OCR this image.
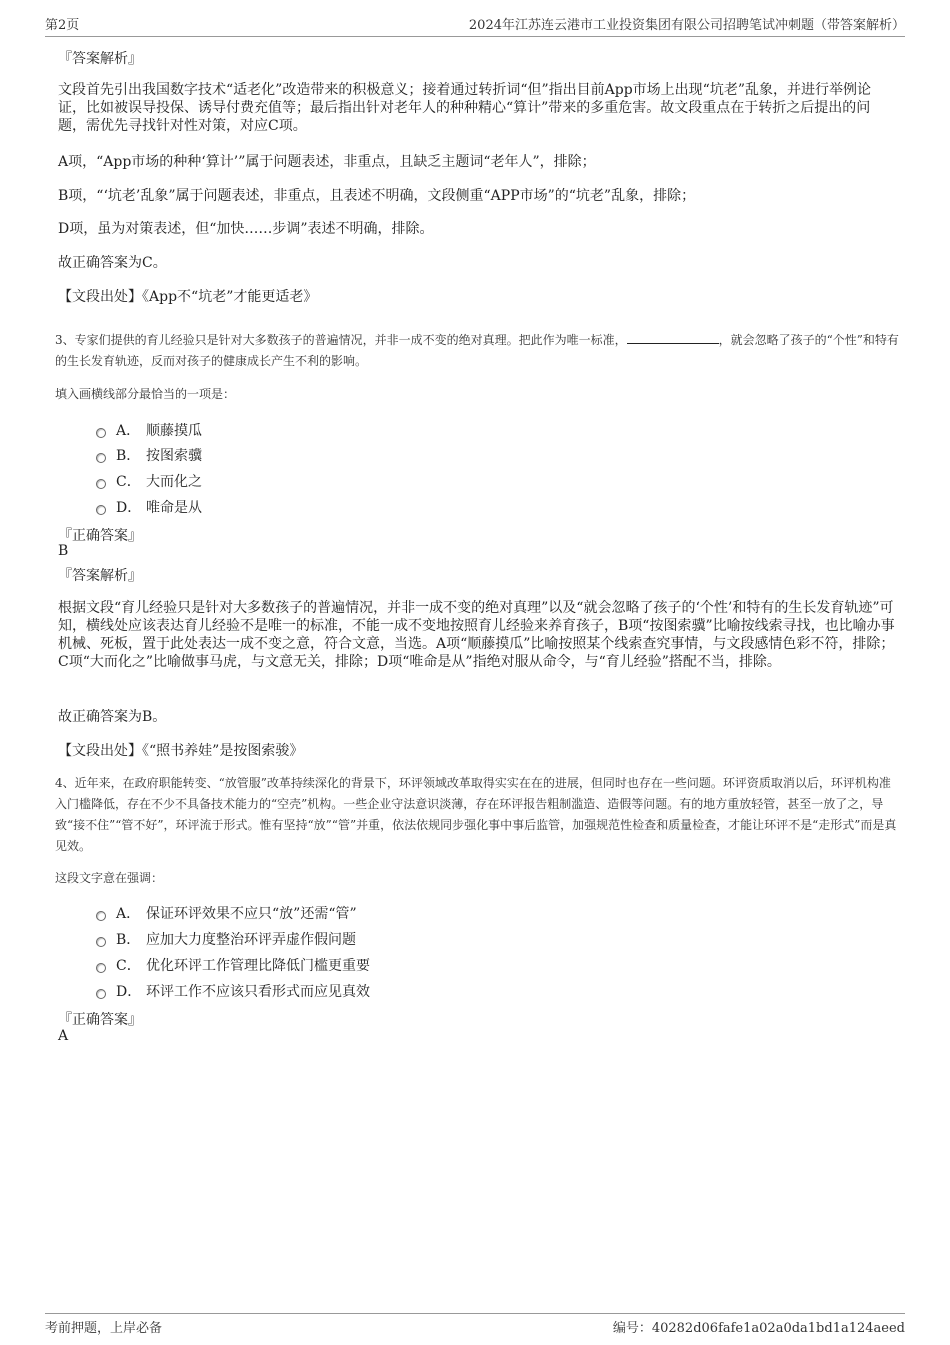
第2页	2024年江苏连云港市工业投资集团有限公司招聘笔试冲刺题（带答案解析）
『答案解析』
文段首先引出我国数字技术“适老化”改造带来的积极意义；接着通过转折词“但”指出目前App市场上出现“坑老”乱象，并进行举例论证，比如被误导投保、诱导付费充值等；最后指出针对老年人的种种精心“算计”带来的多重危害。故文段重点在于转折之后提出的问题，需优先寻找针对性对策，对应C项。
A项，“App市场的种种‘算计’”属于问题表述，非重点，且缺乏主题词“老年人”，排除；
B项，“‘坑老’乱象”属于问题表述，非重点，且表述不明确，文段侧重“APP市场”的“坑老”乱象，排除；
D项，虽为对策表述，但“加快……步调”表述不明确，排除。
故正确答案为C。
【文段出处】《App不“坑老”才能更适老》
3、专家们提供的育儿经验只是针对大多数孩子的普遍情况，并非一成不变的绝对真理。把此作为唯一标准，	，就会忽略了孩子的“个性”和特有的生长发育轨迹，反而对孩子的健康成长产生不利的影响。
填入画横线部分最恰当的一项是：
A． 顺藤摸瓜
B． 按图索骥
C． 大而化之
D． 唯命是从
『正确答案』
B
『答案解析』
根据文段“育儿经验只是针对大多数孩子的普遍情况，并非一成不变的绝对真理”以及“就会忽略了孩子的‘个性’和特有的生长发育轨迹”可知，横线处应该表达育儿经验不是唯一的标准，不能一成不变地按照育儿经验来养育孩子，B项“按图索骥”比喻按线索寻找，也比喻办事机械、死板，置于此处表达一成不变之意，符合文意，当选。A项“顺藤摸瓜”比喻按照某个线索查究事情，与文段感情色彩不符，排除；C项“大而化之”比喻做事马虎，与文意无关，排除；D项“唯命是从”指绝对服从命令，与“育儿经验”搭配不当，排除。
故正确答案为B。
【文段出处】《“照书养娃”是按图索骏》
4、近年来，在政府职能转变、“放管服”改革持续深化的背景下，环评领域改革取得实实在在的进展，但同时也存在一些问题。环评资质取消以后，环评机构准入门槛降低，存在不少不具备技术能力的“空壳”机构。一些企业守法意识淡薄，存在环评报告粗制滥造、造假等问题。有的地方重放轻管，甚至一放了之，导致“接不住”“管不好”，环评流于形式。惟有坚持“放”“管”并重，依法依规同步强化事中事后监管，加强规范性检查和质量检查，才能让环评不是“走形式”而是真见效。
这段文字意在强调：
A． 保证环评效果不应只“放”还需“管”
B． 应加大力度整治环评弄虚作假问题
C． 优化环评工作管理比降低门槛更重要
D． 环评工作不应该只看形式而应见真效
『正确答案』
A
考前押题，上岸必备	编号：40282d06fafe1a02a0da1bd1a124aeed
